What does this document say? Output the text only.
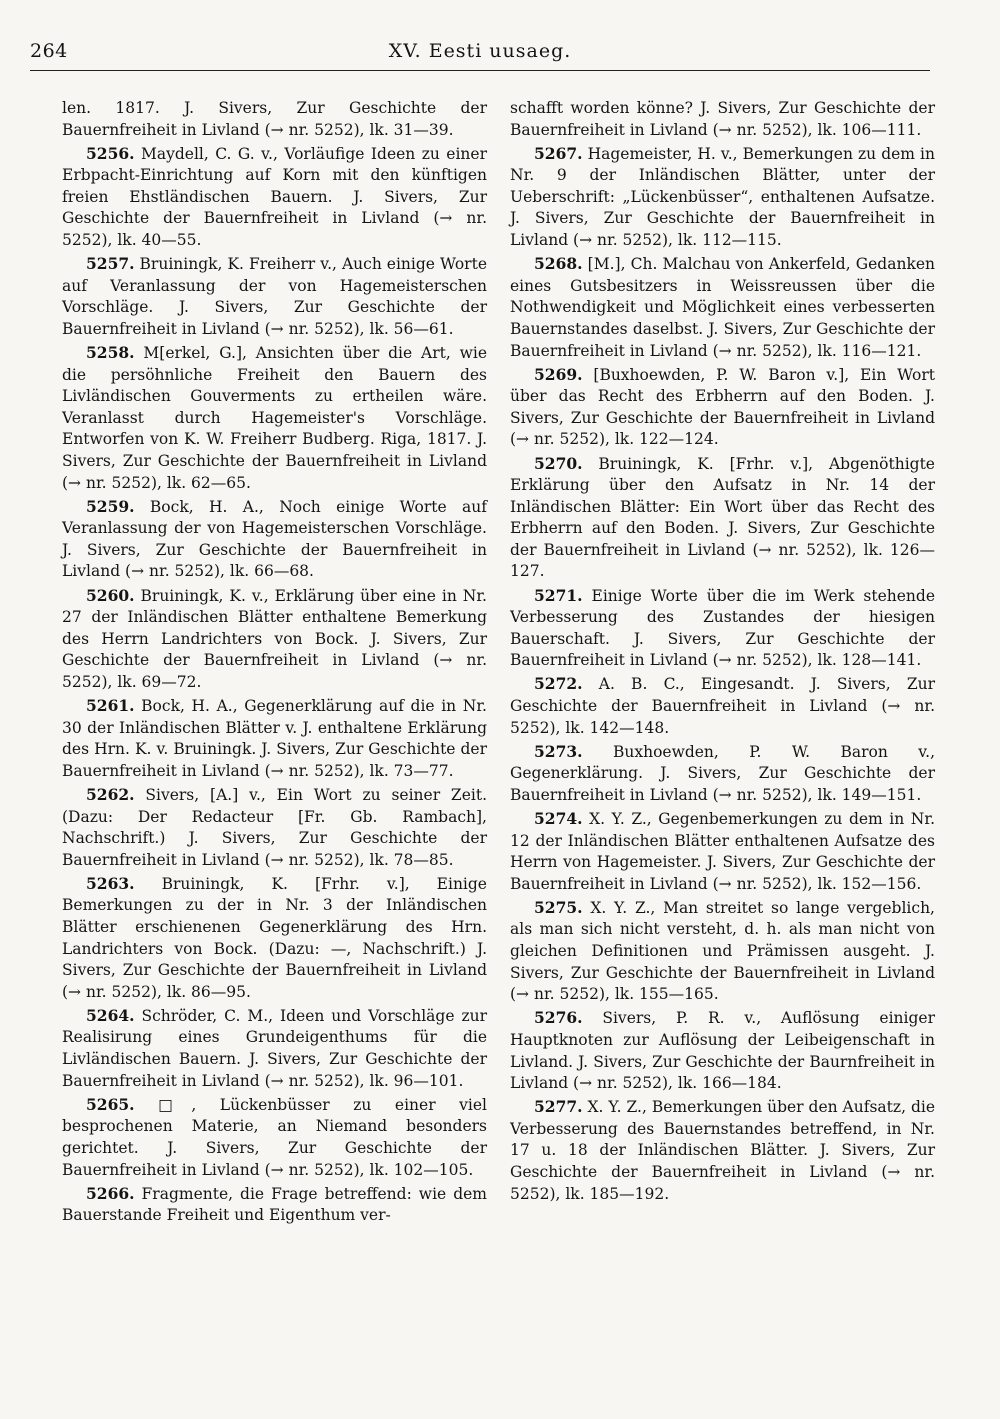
264	XV. Eesti uusaeg.

len. 1817. J. Sivers, Zur Geschichte der Bauernfreiheit in Livland (→ nr. 5252), lk. 31—39.

5256. Maydell, C. G. v., Vorläufige Ideen zu einer Erbpacht-Einrichtung auf Korn mit den künftigen freien Ehstländischen Bauern. J. Sivers, Zur Geschichte der Bauernfreiheit in Livland (→ nr. 5252), lk. 40—55.

5257. Bruiningk, K. Freiherr v., Auch einige Worte auf Veranlassung der von Hagemeisterschen Vorschläge. J. Sivers, Zur Geschichte der Bauernfreiheit in Livland (→ nr. 5252), lk. 56—61.

5258. M[erkel, G.], Ansichten über die Art, wie die persöhnliche Freiheit den Bauern des Livländischen Gouverments zu ertheilen wäre. Veranlasst durch Hagemeister's Vorschläge. Entworfen von K. W. Freiherr Budberg. Riga, 1817. J. Sivers, Zur Geschichte der Bauernfreiheit in Livland (→ nr. 5252), lk. 62—65.

5259. Bock, H. A., Noch einige Worte auf Veranlassung der von Hagemeisterschen Vorschläge. J. Sivers, Zur Geschichte der Bauernfreiheit in Livland (→ nr. 5252), lk. 66—68.

5260. Bruiningk, K. v., Erklärung über eine in Nr. 27 der Inländischen Blätter enthaltene Bemerkung des Herrn Landrichters von Bock. J. Sivers, Zur Geschichte der Bauernfreiheit in Livland (→ nr. 5252), lk. 69—72.

5261. Bock, H. A., Gegenerklärung auf die in Nr. 30 der Inländischen Blätter v. J. enthaltene Erklärung des Hrn. K. v. Bruiningk. J. Sivers, Zur Geschichte der Bauernfreiheit in Livland (→ nr. 5252), lk. 73—77.

5262. Sivers, [A.] v., Ein Wort zu seiner Zeit. (Dazu: Der Redacteur [Fr. Gb. Rambach], Nachschrift.) J. Sivers, Zur Geschichte der Bauernfreiheit in Livland (→ nr. 5252), lk. 78—85.

5263. Bruiningk, K. [Frhr. v.], Einige Bemerkungen zu der in Nr. 3 der Inländischen Blätter erschienenen Gegenerklärung des Hrn. Landrichters von Bock. (Dazu: —, Nachschrift.) J. Sivers, Zur Geschichte der Bauernfreiheit in Livland (→ nr. 5252), lk. 86—95.

5264. Schröder, C. M., Ideen und Vorschläge zur Realisirung eines Grundeigenthums für die Livländischen Bauern. J. Sivers, Zur Geschichte der Bauernfreiheit in Livland (→ nr. 5252), lk. 96—101.

5265. □, Lückenbüsser zu einer viel besprochenen Materie, an Niemand besonders gerichtet. J. Sivers, Zur Geschichte der Bauernfreiheit in Livland (→ nr. 5252), lk. 102—105.

5266. Fragmente, die Frage betreffend: wie dem Bauerstande Freiheit und Eigenthum ver-

schafft worden könne? J. Sivers, Zur Geschichte der Bauernfreiheit in Livland (→ nr. 5252), lk. 106—111.

5267. Hagemeister, H. v., Bemerkungen zu dem in Nr. 9 der Inländischen Blätter, unter der Ueberschrift: „Lückenbüsser“, enthaltenen Aufsatze. J. Sivers, Zur Geschichte der Bauernfreiheit in Livland (→ nr. 5252), lk. 112—115.

5268. [M.], Ch. Malchau von Ankerfeld, Gedanken eines Gutsbesitzers in Weissreussen über die Nothwendigkeit und Möglichkeit eines verbesserten Bauernstandes daselbst. J. Sivers, Zur Geschichte der Bauernfreiheit in Livland (→ nr. 5252), lk. 116—121.

5269. [Buxhoewden, P. W. Baron v.], Ein Wort über das Recht des Erbherrn auf den Boden. J. Sivers, Zur Geschichte der Bauernfreiheit in Livland (→ nr. 5252), lk. 122—124.

5270. Bruiningk, K. [Frhr. v.], Abgenöthigte Erklärung über den Aufsatz in Nr. 14 der Inländischen Blätter: Ein Wort über das Recht des Erbherrn auf den Boden. J. Sivers, Zur Geschichte der Bauernfreiheit in Livland (→ nr. 5252), lk. 126—127.

5271. Einige Worte über die im Werk stehende Verbesserung des Zustandes der hiesigen Bauerschaft. J. Sivers, Zur Geschichte der Bauernfreiheit in Livland (→ nr. 5252), lk. 128—141.

5272. A. B. C., Eingesandt. J. Sivers, Zur Geschichte der Bauernfreiheit in Livland (→ nr. 5252), lk. 142—148.

5273. Buxhoewden, P. W. Baron v., Gegenerklärung. J. Sivers, Zur Geschichte der Bauernfreiheit in Livland (→ nr. 5252), lk. 149—151.

5274. X. Y. Z., Gegenbemerkungen zu dem in Nr. 12 der Inländischen Blätter enthaltenen Aufsatze des Herrn von Hagemeister. J. Sivers, Zur Geschichte der Bauernfreiheit in Livland (→ nr. 5252), lk. 152—156.

5275. X. Y. Z., Man streitet so lange vergeblich, als man sich nicht versteht, d. h. als man nicht von gleichen Definitionen und Prämissen ausgeht. J. Sivers, Zur Geschichte der Bauernfreiheit in Livland (→ nr. 5252), lk. 155—165.

5276. Sivers, P. R. v., Auflösung einiger Hauptknoten zur Auflösung der Leibeigenschaft in Livland. J. Sivers, Zur Geschichte der Baurnfreiheit in Livland (→ nr. 5252), lk. 166—184.

5277. X. Y. Z., Bemerkungen über den Aufsatz, die Verbesserung des Bauernstandes betreffend, in Nr. 17 u. 18 der Inländischen Blätter. J. Sivers, Zur Geschichte der Bauernfreiheit in Livland (→ nr. 5252), lk. 185—192.
